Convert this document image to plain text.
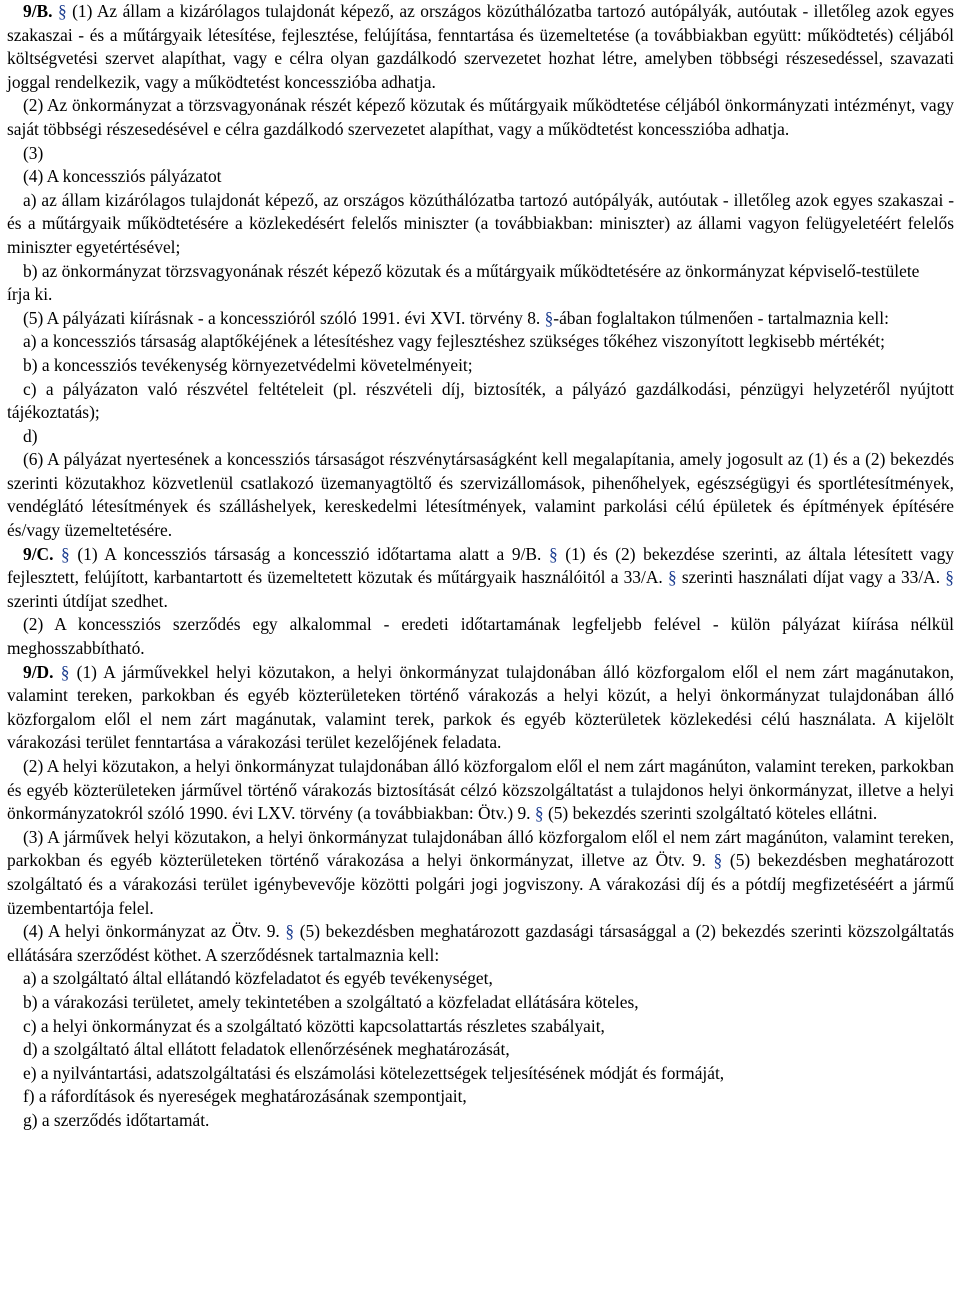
9/B. § (1) Az állam a kizárólagos tulajdonát képező, az országos közúthálózatba tartozó autópályák, autóutak - illetőleg azok egyes szakaszai - és a műtárgyaik létesítése, fejlesztése, felújítása, fenntartása és üzemeltetése (a továbbiakban együtt: működtetés) céljából költségvetési szervet alapíthat, vagy e célra olyan gazdálkodó szervezetet hozhat létre, amelyben többségi részesedéssel, szavazati joggal rendelkezik, vagy a működtetést koncesszióba adhatja.

(2) Az önkormányzat a törzsvagyonának részét képező közutak és műtárgyaik működtetése céljából önkormányzati intézményt, vagy saját többségi részesedésével e célra gazdálkodó szervezetet alapíthat, vagy a működtetést koncesszióba adhatja.

(3)

(4) A koncessziós pályázatot

a) az állam kizárólagos tulajdonát képező, az országos közúthálózatba tartozó autópályák, autóutak - illetőleg azok egyes szakaszai - és a műtárgyaik működtetésére a közlekedésért felelős miniszter (a továbbiakban: miniszter) az állami vagyon felügyeletéért felelős miniszter egyetértésével;

b) az önkormányzat törzsvagyonának részét képező közutak és a műtárgyaik működtetésére az önkormányzat képviselő-testülete

írja ki.

(5) A pályázati kiírásnak - a koncesszióról szóló 1991. évi XVI. törvény 8. §-ában foglaltakon túlmenően - tartalmaznia kell:

a) a koncessziós társaság alaptőkéjének a létesítéshez vagy fejlesztéshez szükséges tőkéhez viszonyított legkisebb mértékét;

b) a koncessziós tevékenység környezetvédelmi követelményeit;

c) a pályázaton való részvétel feltételeit (pl. részvételi díj, biztosíték, a pályázó gazdálkodási, pénzügyi helyzetéről nyújtott tájékoztatás);

d)

(6) A pályázat nyertesének a koncessziós társaságot részvénytársaságként kell megalapítania, amely jogosult az (1) és a (2) bekezdés szerinti közutakhoz közvetlenül csatlakozó üzemanyagtöltő és szervizállomások, pihenőhelyek, egészségügyi és sportlétesítmények, vendéglátó létesítmények és szálláshelyek, kereskedelmi létesítmények, valamint parkolási célú épületek és építmények építésére és/vagy üzemeltetésére.

9/C. § (1) A koncessziós társaság a koncesszió időtartama alatt a 9/B. § (1) és (2) bekezdése szerinti, az általa létesített vagy fejlesztett, felújított, karbantartott és üzemeltetett közutak és műtárgyaik használóitól a 33/A. § szerinti használati díjat vagy a 33/A. § szerinti útdíjat szedhet.

(2) A koncessziós szerződés egy alkalommal - eredeti időtartamának legfeljebb felével - külön pályázat kiírása nélkül meghosszabbítható.

9/D. § (1) A járművekkel helyi közutakon, a helyi önkormányzat tulajdonában álló közforgalom elől el nem zárt magánutakon, valamint tereken, parkokban és egyéb közterületeken történő várakozás a helyi közút, a helyi önkormányzat tulajdonában álló közforgalom elől el nem zárt magánutak, valamint terek, parkok és egyéb közterületek közlekedési célú használata. A kijelölt várakozási terület fenntartása a várakozási terület kezelőjének feladata.

(2) A helyi közutakon, a helyi önkormányzat tulajdonában álló közforgalom elől el nem zárt magánúton, valamint tereken, parkokban és egyéb közterületeken járművel történő várakozás biztosítását célzó közszolgáltatást a tulajdonos helyi önkormányzat, illetve a helyi önkormányzatokról szóló 1990. évi LXV. törvény (a továbbiakban: Ötv.) 9. § (5) bekezdés szerinti szolgáltató köteles ellátni.

(3) A járművek helyi közutakon, a helyi önkormányzat tulajdonában álló közforgalom elől el nem zárt magánúton, valamint tereken, parkokban és egyéb közterületeken történő várakozása a helyi önkormányzat, illetve az Ötv. 9. § (5) bekezdésben meghatározott szolgáltató és a várakozási terület igénybevevője közötti polgári jogi jogviszony. A várakozási díj és a pótdíj megfizetéséért a jármű üzembentartója felel.

(4) A helyi önkormányzat az Ötv. 9. § (5) bekezdésben meghatározott gazdasági társasággal a (2) bekezdés szerinti közszolgáltatás ellátására szerződést köthet. A szerződésnek tartalmaznia kell:

a) a szolgáltató által ellátandó közfeladatot és egyéb tevékenységet,

b) a várakozási területet, amely tekintetében a szolgáltató a közfeladat ellátására köteles,

c) a helyi önkormányzat és a szolgáltató közötti kapcsolattartás részletes szabályait,

d) a szolgáltató által ellátott feladatok ellenőrzésének meghatározását,

e) a nyilvántartási, adatszolgáltatási és elszámolási kötelezettségek teljesítésének módját és formáját,

f) a ráfordítások és nyereségek meghatározásának szempontjait,

g) a szerződés időtartamát.
